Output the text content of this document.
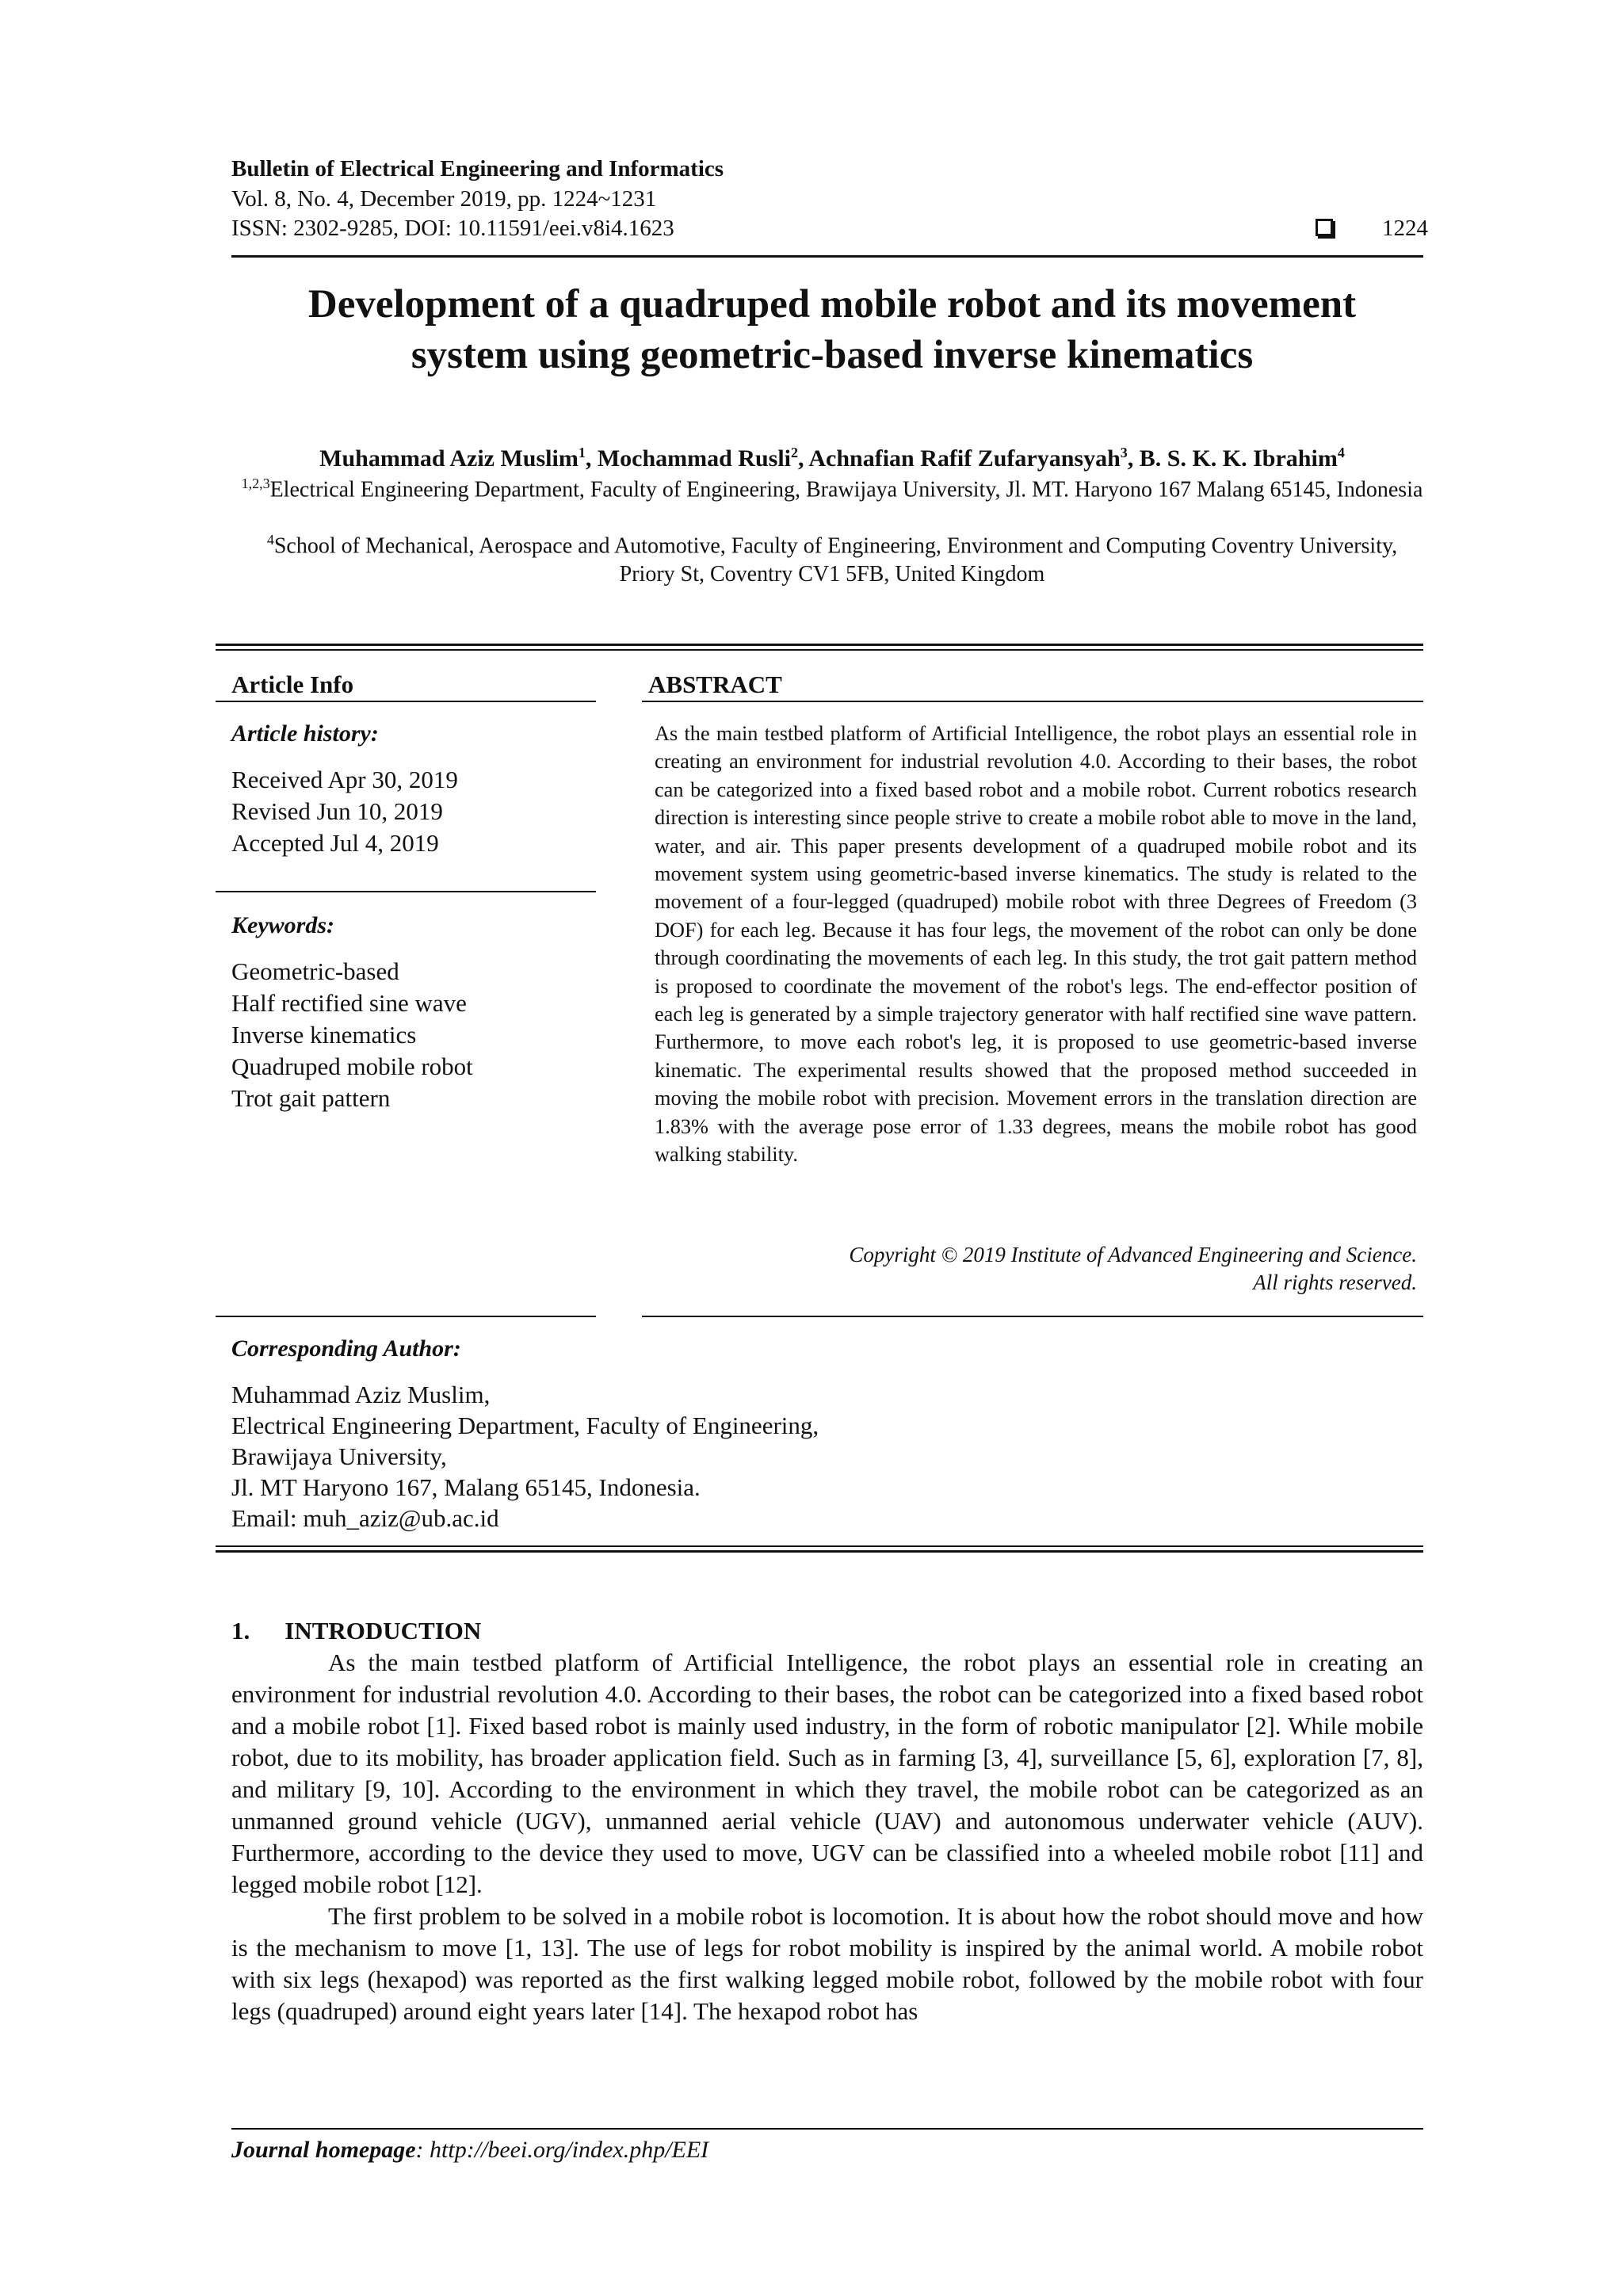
Bulletin of Electrical Engineering and Informatics
Vol. 8, No. 4, December 2019, pp. 1224~1231
ISSN: 2302-9285, DOI: 10.11591/eei.v8i4.1623	1224
Development of a quadruped mobile robot and its movement
system using geometric-based inverse kinematics
Muhammad Aziz Muslim$^1$, Mochammad Rusli$^2$, Achnafian Rafif Zufaryansyah$^3$, B. S. K. K. Ibrahim$^4$
$^{1,2,3}$Electrical Engineering Department, Faculty of Engineering, Brawijaya University, Jl. MT. Haryono 167 Malang 65145, Indonesia
$^4$School of Mechanical, Aerospace and Automotive, Faculty of Engineering, Environment and Computing Coventry University, Priory St, Coventry CV1 5FB, United Kingdom
Article Info
Article history:
Received Apr 30, 2019
Revised Jun 10, 2019
Accepted Jul 4, 2019
Keywords:
Geometric-based
Half rectified sine wave
Inverse kinematics
Quadruped mobile robot
Trot gait pattern
ABSTRACT
As the main testbed platform of Artificial Intelligence, the robot plays an essential role in creating an environment for industrial revolution 4.0. According to their bases, the robot can be categorized into a fixed based robot and a mobile robot. Current robotics research direction is interesting since people strive to create a mobile robot able to move in the land, water, and air. This paper presents development of a quadruped mobile robot and its movement system using geometric-based inverse kinematics. The study is related to the movement of a four-legged (quadruped) mobile robot with three Degrees of Freedom (3 DOF) for each leg. Because it has four legs, the movement of the robot can only be done through coordinating the movements of each leg. In this study, the trot gait pattern method is proposed to coordinate the movement of the robot's legs. The end-effector position of each leg is generated by a simple trajectory generator with half rectified sine wave pattern. Furthermore, to move each robot's leg, it is proposed to use geometric-based inverse kinematic. The experimental results showed that the proposed method succeeded in moving the mobile robot with precision. Movement errors in the translation direction are 1.83% with the average pose error of 1.33 degrees, means the mobile robot has good walking stability.
Copyright © 2019 Institute of Advanced Engineering and Science.
All rights reserved.
Corresponding Author:
Muhammad Aziz Muslim,
Electrical Engineering Department, Faculty of Engineering,
Brawijaya University,
Jl. MT Haryono 167, Malang 65145, Indonesia.
Email: muh_aziz@ub.ac.id
1. INTRODUCTION

As the main testbed platform of Artificial Intelligence, the robot plays an essential role in creating an environment for industrial revolution 4.0. According to their bases, the robot can be categorized into a fixed based robot and a mobile robot [1]. Fixed based robot is mainly used industry, in the form of robotic manipulator [2]. While mobile robot, due to its mobility, has broader application field. Such as in farming [3, 4], surveillance [5, 6], exploration [7, 8], and military [9, 10]. According to the environment in which they travel, the mobile robot can be categorized as an unmanned ground vehicle (UGV), unmanned aerial vehicle (UAV) and autonomous underwater vehicle (AUV). Furthermore, according to the device they used to move, UGV can be classified into a wheeled mobile robot [11] and legged mobile robot [12].

The first problem to be solved in a mobile robot is locomotion. It is about how the robot should move and how is the mechanism to move [1, 13]. The use of legs for robot mobility is inspired by the animal world. A mobile robot with six legs (hexapod) was reported as the first walking legged mobile robot, followed by the mobile robot with four legs (quadruped) around eight years later [14]. The hexapod robot has

Journal homepage: http://beei.org/index.php/EEI
